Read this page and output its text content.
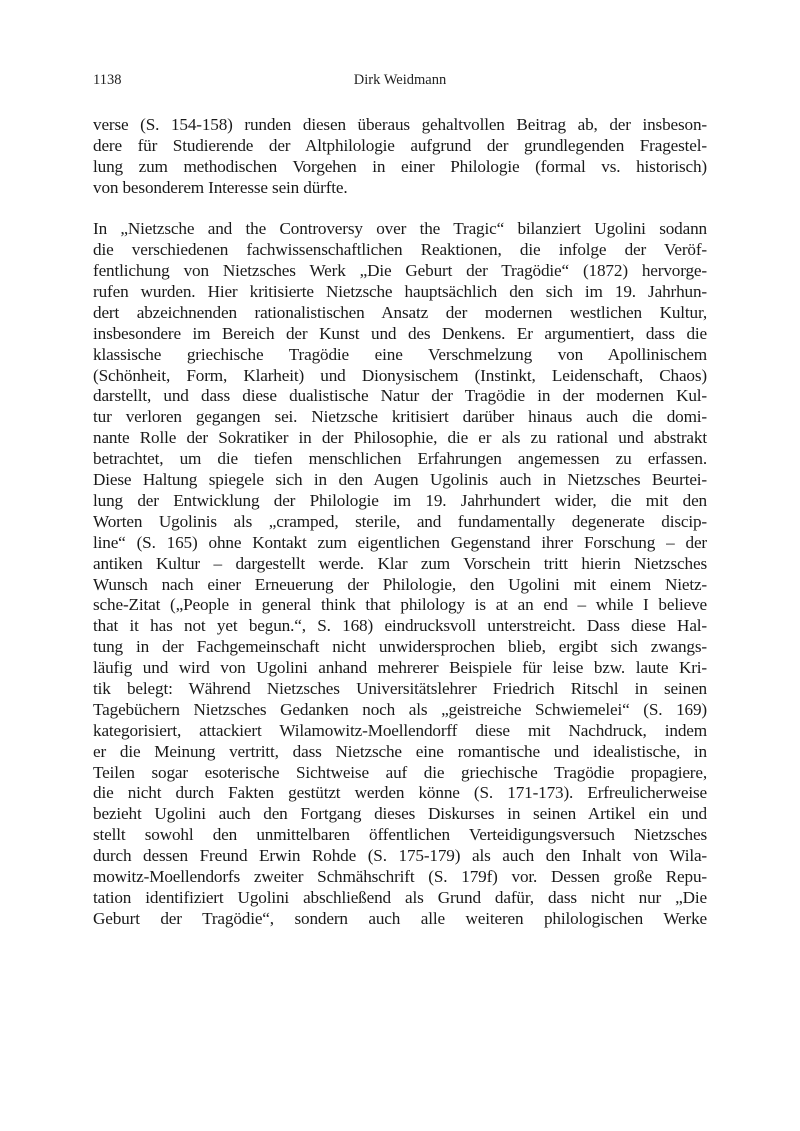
1138	Dirk Weidmann

verse (S. 154-158) runden diesen überaus gehaltvollen Beitrag ab, der insbeson-
dere für Studierende der Altphilologie aufgrund der grundlegenden Fragestel-
lung zum methodischen Vorgehen in einer Philologie (formal vs. historisch)
von besonderem Interesse sein dürfte.

In „Nietzsche and the Controversy over the Tragic“ bilanziert Ugolini sodann
die verschiedenen fachwissenschaftlichen Reaktionen, die infolge der Veröf-
fentlichung von Nietzsches Werk „Die Geburt der Tragödie“ (1872) hervorge-
rufen wurden. Hier kritisierte Nietzsche hauptsächlich den sich im 19. Jahrhun-
dert abzeichnenden rationalistischen Ansatz der modernen westlichen Kultur,
insbesondere im Bereich der Kunst und des Denkens. Er argumentiert, dass die
klassische griechische Tragödie eine Verschmelzung von Apollinischem
(Schönheit, Form, Klarheit) und Dionysischem (Instinkt, Leidenschaft, Chaos)
darstellt, und dass diese dualistische Natur der Tragödie in der modernen Kul-
tur verloren gegangen sei. Nietzsche kritisiert darüber hinaus auch die domi-
nante Rolle der Sokratiker in der Philosophie, die er als zu rational und abstrakt
betrachtet, um die tiefen menschlichen Erfahrungen angemessen zu erfassen.
Diese Haltung spiegele sich in den Augen Ugolinis auch in Nietzsches Beurtei-
lung der Entwicklung der Philologie im 19. Jahrhundert wider, die mit den
Worten Ugolinis als „cramped, sterile, and fundamentally degenerate discip-
line“ (S. 165) ohne Kontakt zum eigentlichen Gegenstand ihrer Forschung – der
antiken Kultur – dargestellt werde. Klar zum Vorschein tritt hierin Nietzsches
Wunsch nach einer Erneuerung der Philologie, den Ugolini mit einem Nietz-
sche-Zitat („People in general think that philology is at an end – while I believe
that it has not yet begun.“, S. 168) eindrucksvoll unterstreicht. Dass diese Hal-
tung in der Fachgemeinschaft nicht unwidersprochen blieb, ergibt sich zwangs-
läufig und wird von Ugolini anhand mehrerer Beispiele für leise bzw. laute Kri-
tik belegt: Während Nietzsches Universitätslehrer Friedrich Ritschl in seinen
Tagebüchern Nietzsches Gedanken noch als „geistreiche Schwiemelei“ (S. 169)
kategorisiert, attackiert Wilamowitz-Moellendorff diese mit Nachdruck, indem
er die Meinung vertritt, dass Nietzsche eine romantische und idealistische, in
Teilen sogar esoterische Sichtweise auf die griechische Tragödie propagiere,
die nicht durch Fakten gestützt werden könne (S. 171-173). Erfreulicherweise
bezieht Ugolini auch den Fortgang dieses Diskurses in seinen Artikel ein und
stellt sowohl den unmittelbaren öffentlichen Verteidigungsversuch Nietzsches
durch dessen Freund Erwin Rohde (S. 175-179) als auch den Inhalt von Wila-
mowitz-Moellendorfs zweiter Schmähschrift (S. 179f) vor. Dessen große Repu-
tation identifiziert Ugolini abschließend als Grund dafür, dass nicht nur „Die
Geburt der Tragödie“, sondern auch alle weiteren philologischen Werke
